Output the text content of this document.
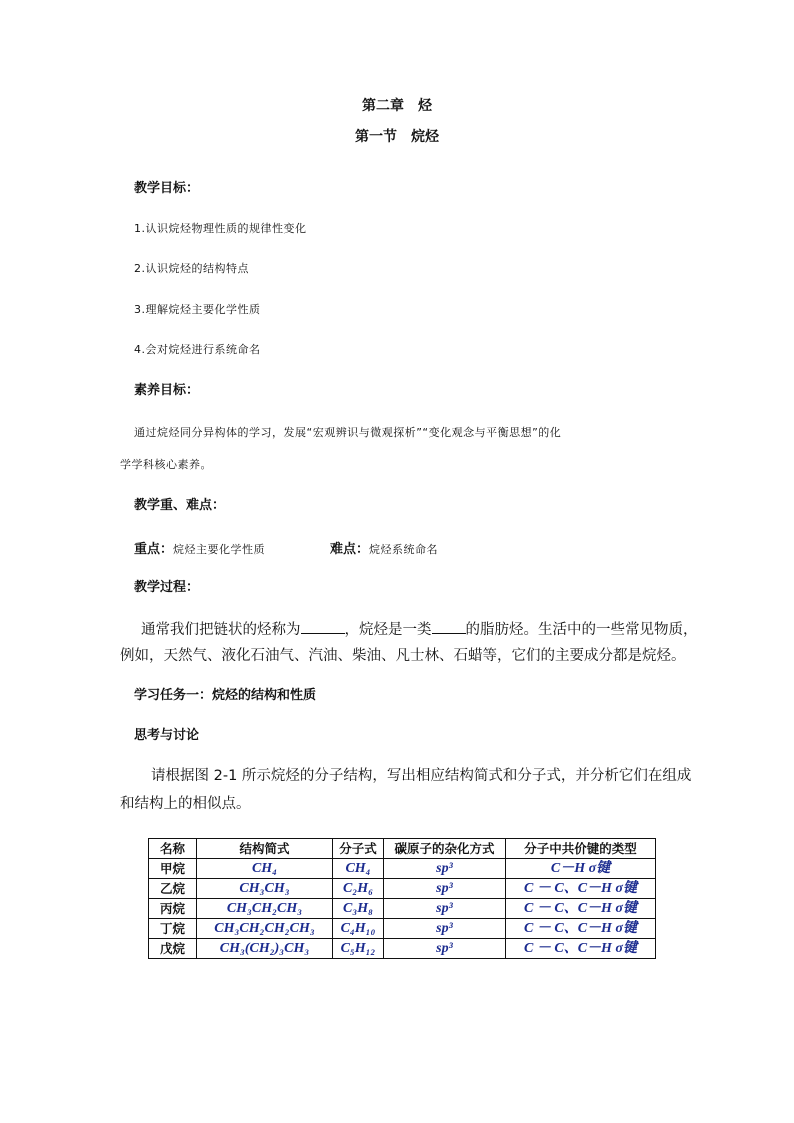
第二章　烃
第一节　烷烃
教学目标：
1.认识烷烃物理性质的规律性变化
2.认识烷烃的结构特点
3.理解烷烃主要化学性质
4.会对烷烃进行系统命名
素养目标：
通过烷烃同分异构体的学习，发展“宏观辨识与微观探析”“变化观念与平衡思想”的化
学学科核心素养。
教学重、难点：
重点：烷烃主要化学性质	难点：烷烃系统命名
教学过程：
通常我们把链状的烃称为	，烷烃是一类 的脂肪烃。生活中的一些常见物质，
例如，天然气、液化石油气、汽油、柴油、凡士林、石蜡等，它们的主要成分都是烷烃。
学习任务一：烷烃的结构和性质
思考与讨论
请根据图 2-1 所示烷烃的分子结构，写出相应结构简式和分子式，并分析它们在组成
和结构上的相似点。
名称	结构简式	分子式	碳原子的杂化方式	分子中共价键的类型
甲烷	CH₄	CH₄	sp³	C－H σ键
乙烷	CH₃CH₃	C₂H₆	sp³	C － C、C－H σ键
丙烷	CH₃CH₂CH₃	C₃H₈	sp³	C － C、C－H σ键
丁烷	CH₃CH₂CH₂CH₃	C₄H₁₀	sp³	C － C、C－H σ键
戊烷	CH₃(CH₂)₃CH₃	C₅H₁₂	sp³	C － C、C－H σ键
